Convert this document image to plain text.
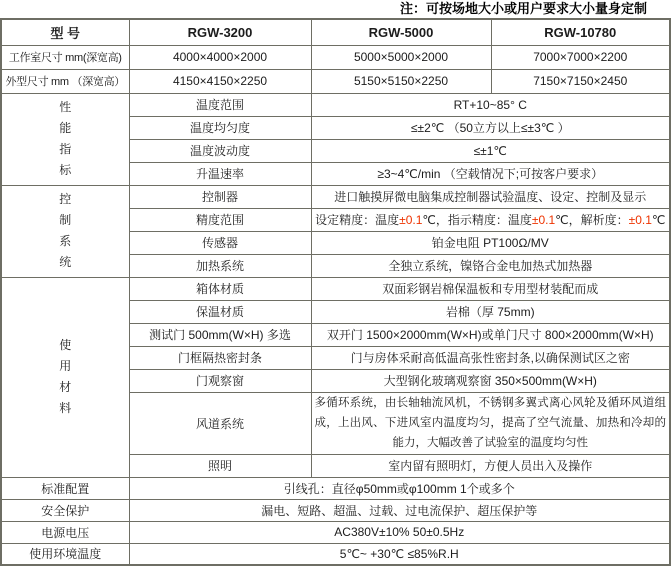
注：可按场地大小或用户要求大小量身定制
型 号	RGW-3200	RGW-5000	RGW-10780
工作室尺寸 mm(深宽高)	4000×4000×2000	5000×5000×2000	7000×7000×2200
外型尺寸 mm （深宽高）	4150×4150×2250	5150×5150×2250	7150×7150×2450

性
能
指
标	温度范围	RT+10~85° C	
	温度均匀度	≤±2℃ （50立方以上≤±3℃ ）	
	温度波动度	≤±1℃	
	升温速率	≥3~4℃/min （空载情况下;可按客户要求）	

控
制
系
统	控制器	进口触摸屏微电脑集成控制器试验温度、设定、控制及显示	
	精度范围	设定精度：温度±0.1℃，指示精度：温度±0.1℃，解析度：±0.1℃	
	传感器	铂金电阻 PT100Ω/MV	
	加热系统	全独立系统，镍铬合金电加热式加热器	

使
用
材
料	箱体材质	双面彩钢岩棉保温板和专用型材装配而成	
	保温材质	岩棉（厚 75mm)	
	测试门 500mm(W×H) 多选	双开门 1500×2000mm(W×H)或单门尺寸 800×2000mm(W×H)	
	门框隔热密封条	门与房体采耐高低温高张性密封条,以确保测试区之密	
	门观察窗	大型钢化玻璃观察窗 350×500mm(W×H)	
	风道系统	多循环系统，由长轴轴流风机，不锈钢多翼式离心风轮及循环风道组成，上出风、下进风室内温度均匀，提高了空气流量、加热和冷却的能力，大幅改善了试验室的温度均匀性	
	照明	室内留有照明灯，方便人员出入及操作	
标准配置	引线孔：直径φ50mm或φ100mm 1个或多个		
安全保护	漏电、短路、超温、过载、过电流保护、超压保护等		
电源电压	AC380V±10% 50±0.5Hz		
使用环境温度	5℃~ +30℃ ≤85%R.H		
